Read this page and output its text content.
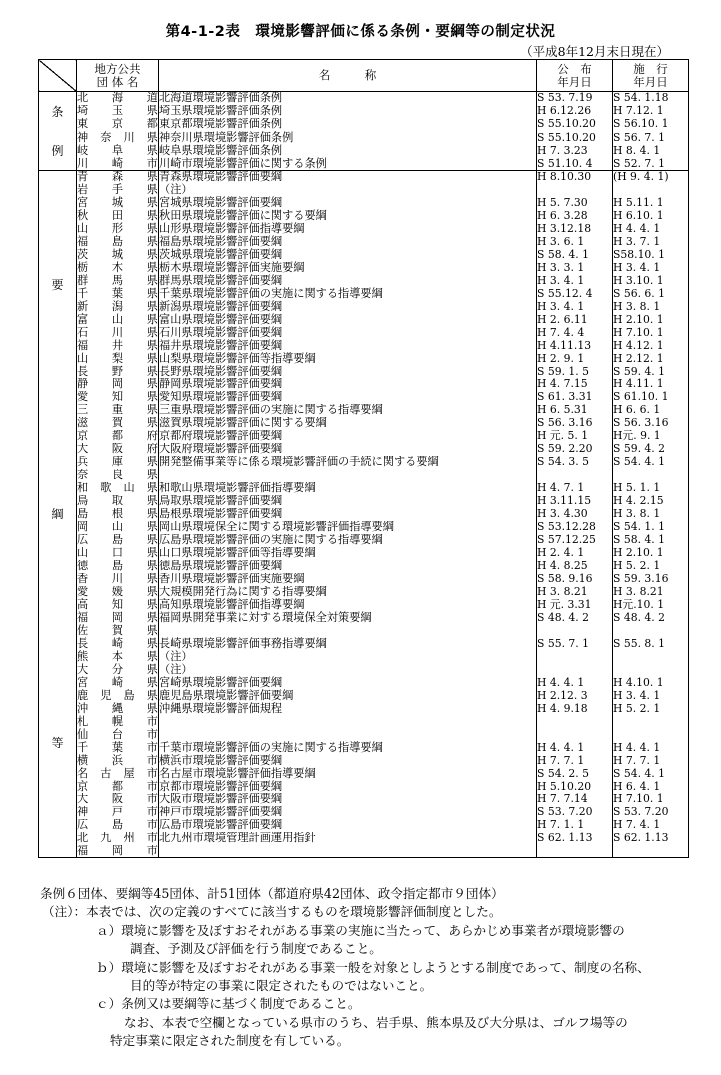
第4-1-2表　環境影響評価に係る条例・要綱等の制定状況
（平成8年12月末日現在）
	地方公共
団 体 名	名　　　称	公　布
年月日	施　行
年月日

条
例	北海道	北海道環境影響評価条例	S 53. 7.19	S 54. 1.18
	埼玉県	埼玉県環境影響評価条例	H 6.12.26	H 7.12. 1
	東京都	東京都環境影響評価条例	S 55.10.20	S 56.10. 1
	神奈川県	神奈川県環境影響評価条例	S 55.10.20	S 56. 7. 1
	岐阜県	岐阜県環境影響評価条例	H 7. 3.23	H 8. 4. 1
	川崎市	川崎市環境影響評価に関する条例	S 51.10. 4	S 52. 7. 1

要
綱
等	青森県	青森県環境影響評価要綱	H 8.10.30	(H 9. 4. 1)
	岩手県	（注）		
	宮城県	宮城県環境影響評価要綱	H 5. 7.30	H 5.11. 1
	秋田県	秋田県環境影響評価に関する要綱	H 6. 3.28	H 6.10. 1
	山形県	山形県環境影響評価指導要綱	H 3.12.18	H 4. 4. 1
	福島県	福島県環境影響評価要綱	H 3. 6. 1	H 3. 7. 1
	茨城県	茨城県環境影響評価要綱	S 58. 4. 1	S58.10. 1
	栃木県	栃木県環境影響評価実施要綱	H 3. 3. 1	H 3. 4. 1
	群馬県	群馬県環境影響評価要綱	H 3. 4. 1	H 3.10. 1
	千葉県	千葉県環境影響評価の実施に関する指導要綱	S 55.12. 4	S 56. 6. 1
	新潟県	新潟県環境影響評価要綱	H 3. 4. 1	H 3. 8. 1
	富山県	富山県環境影響評価要綱	H 2. 6.11	H 2.10. 1
	石川県	石川県環境影響評価要綱	H 7. 4. 4	H 7.10. 1
	福井県	福井県環境影響評価要綱	H 4.11.13	H 4.12. 1
	山梨県	山梨県環境影響評価等指導要綱	H 2. 9. 1	H 2.12. 1
	長野県	長野県環境影響評価要綱	S 59. 1. 5	S 59. 4. 1
	静岡県	静岡県環境影響評価要綱	H 4. 7.15	H 4.11. 1
	愛知県	愛知県環境影響評価要綱	S 61. 3.31	S 61.10. 1
	三重県	三重県環境影響評価の実施に関する指導要綱	H 6. 5.31	H 6. 6. 1
	滋賀県	滋賀県環境影響評価に関する要綱	S 56. 3.16	S 56. 3.16
	京都府	京都府環境影響評価要綱	H 元. 5. 1	H元. 9. 1
	大阪府	大阪府環境影響評価要綱	S 59. 2.20	S 59. 4. 2
	兵庫県	開発整備事業等に係る環境影響評価の手続に関する要綱	S 54. 3. 5	S 54. 4. 1
	奈良県			
	和歌山県	和歌山県環境影響評価指導要綱	H 4. 7. 1	H 5. 1. 1
	鳥取県	鳥取県環境影響評価要綱	H 3.11.15	H 4. 2.15
	島根県	島根県環境影響評価要綱	H 3. 4.30	H 3. 8. 1
	岡山県	岡山県環境保全に関する環境影響評価指導要綱	S 53.12.28	S 54. 1. 1
	広島県	広島県環境影響評価の実施に関する指導要綱	S 57.12.25	S 58. 4. 1
	山口県	山口県環境影響評価等指導要綱	H 2. 4. 1	H 2.10. 1
	徳島県	徳島県環境影響評価要綱	H 4. 8.25	H 5. 2. 1
	香川県	香川県環境影響評価実施要綱	S 58. 9.16	S 59. 3.16
	愛媛県	大規模開発行為に関する指導要綱	H 3. 8.21	H 3. 8.21
	高知県	高知県環境影響評価指導要綱	H 元. 3.31	H元.10. 1
	福岡県	福岡県開発事業に対する環境保全対策要綱	S 48. 4. 2	S 48. 4. 2
	佐賀県			
	長崎県	長崎県環境影響評価事務指導要綱	S 55. 7. 1	S 55. 8. 1
	熊本県	（注）		
	大分県	（注）		
	宮崎県	宮崎県環境影響評価要綱	H 4. 4. 1	H 4.10. 1
	鹿児島県	鹿児島県環境影響評価要綱	H 2.12. 3	H 3. 4. 1
	沖縄県	沖縄県環境影響評価規程	H 4. 9.18	H 5. 2. 1
	札幌市			
	仙台市			
	千葉市	千葉市環境影響評価の実施に関する指導要綱	H 4. 4. 1	H 4. 4. 1
	横浜市	横浜市環境影響評価要綱	H 7. 7. 1	H 7. 7. 1
	名古屋市	名古屋市環境影響評価指導要綱	S 54. 2. 5	S 54. 4. 1
	京都市	京都市環境影響評価要綱	H 5.10.20	H 6. 4. 1
	大阪市	大阪市環境影響評価要綱	H 7. 7.14	H 7.10. 1
	神戸市	神戸市環境影響評価要綱	S 53. 7.20	S 53. 7.20
	広島市	広島市環境影響評価要綱	H 7. 1. 1	H 7. 4. 1
	北九州市	北九州市環境管理計画運用指針	S 62. 1.13	S 62. 1.13
	福岡市			
条例６団体、要綱等45団体、計51団体（都道府県42団体、政令指定都市９団体）
（注）：本表では、次の定義のすべてに該当するものを環境影響評価制度とした。
ａ）環境に影響を及ぼすおそれがある事業の実施に当たって、あらかじめ事業者が環境影響の
調査、予測及び評価を行う制度であること。
ｂ）環境に影響を及ぼすおそれがある事業一般を対象としようとする制度であって、制度の名称、
目的等が特定の事業に限定されたものではないこと。
ｃ）条例又は要綱等に基づく制度であること。
なお、本表で空欄となっている県市のうち、岩手県、熊本県及び大分県は、ゴルフ場等の
特定事業に限定された制度を有している。
